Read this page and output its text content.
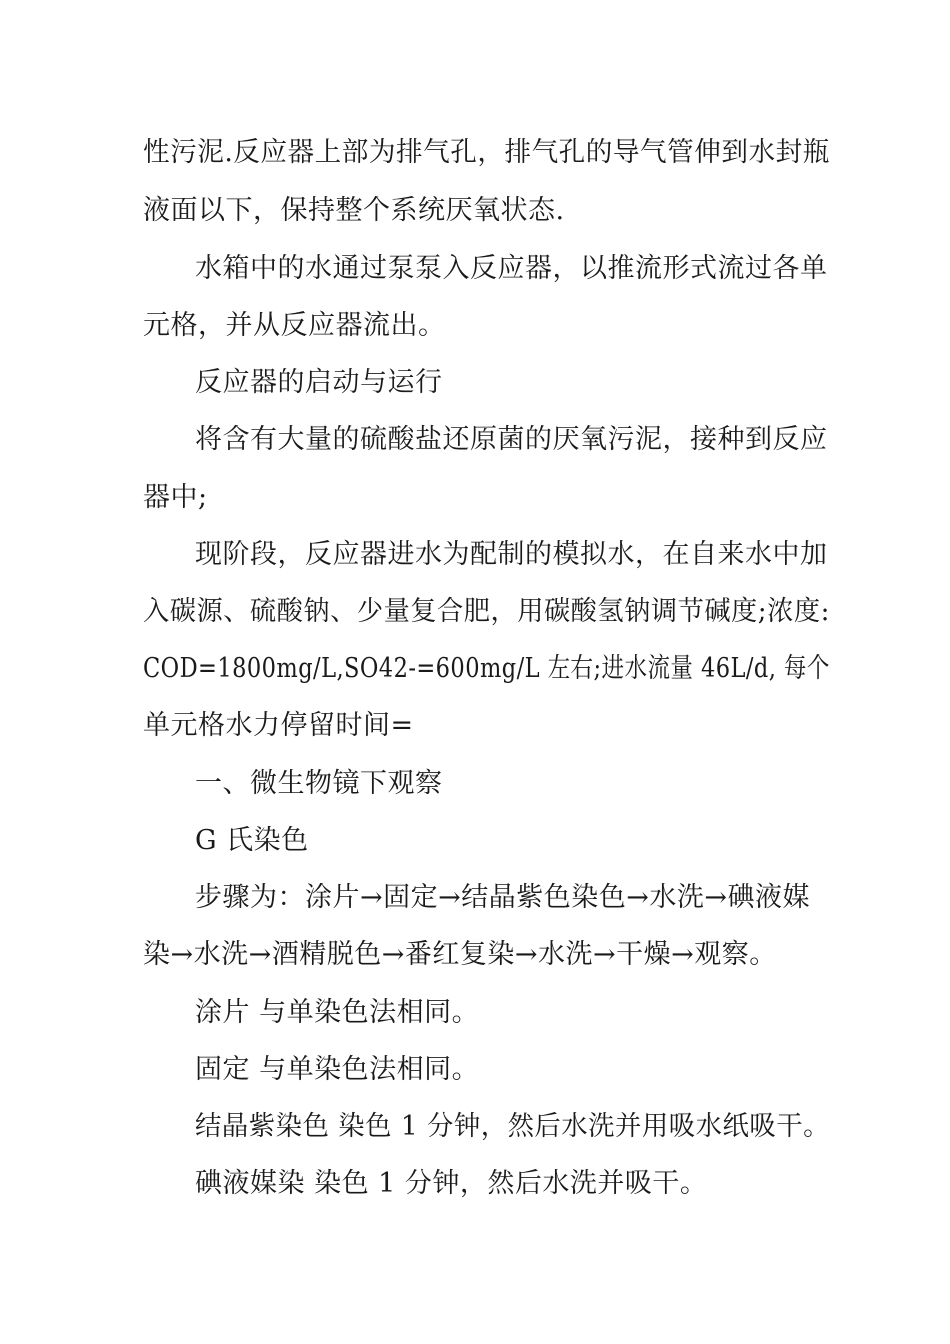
性污泥.反应器上部为排气孔，排气孔的导气管伸到水封瓶
液面以下，保持整个系统厌氧状态.
水箱中的水通过泵泵入反应器，以推流形式流过各单
元格，并从反应器流出。
反应器的启动与运行
将含有大量的硫酸盐还原菌的厌氧污泥，接种到反应
器中;
现阶段，反应器进水为配制的模拟水，在自来水中加
入碳源、硫酸钠、少量复合肥，用碳酸氢钠调节碱度;浓度:
COD=1800mg/L,SO42-=600mg/L 左右;进水流量 46L/d, 每个
单元格水力停留时间=
一、微生物镜下观察
G 氏染色
步骤为：涂片→固定→结晶紫色染色→水洗→碘液媒
染→水洗→酒精脱色→番红复染→水洗→干燥→观察。
涂片 与单染色法相同。
固定 与单染色法相同。
结晶紫染色 染色 1 分钟，然后水洗并用吸水纸吸干。
碘液媒染 染色 1 分钟，然后水洗并吸干。
